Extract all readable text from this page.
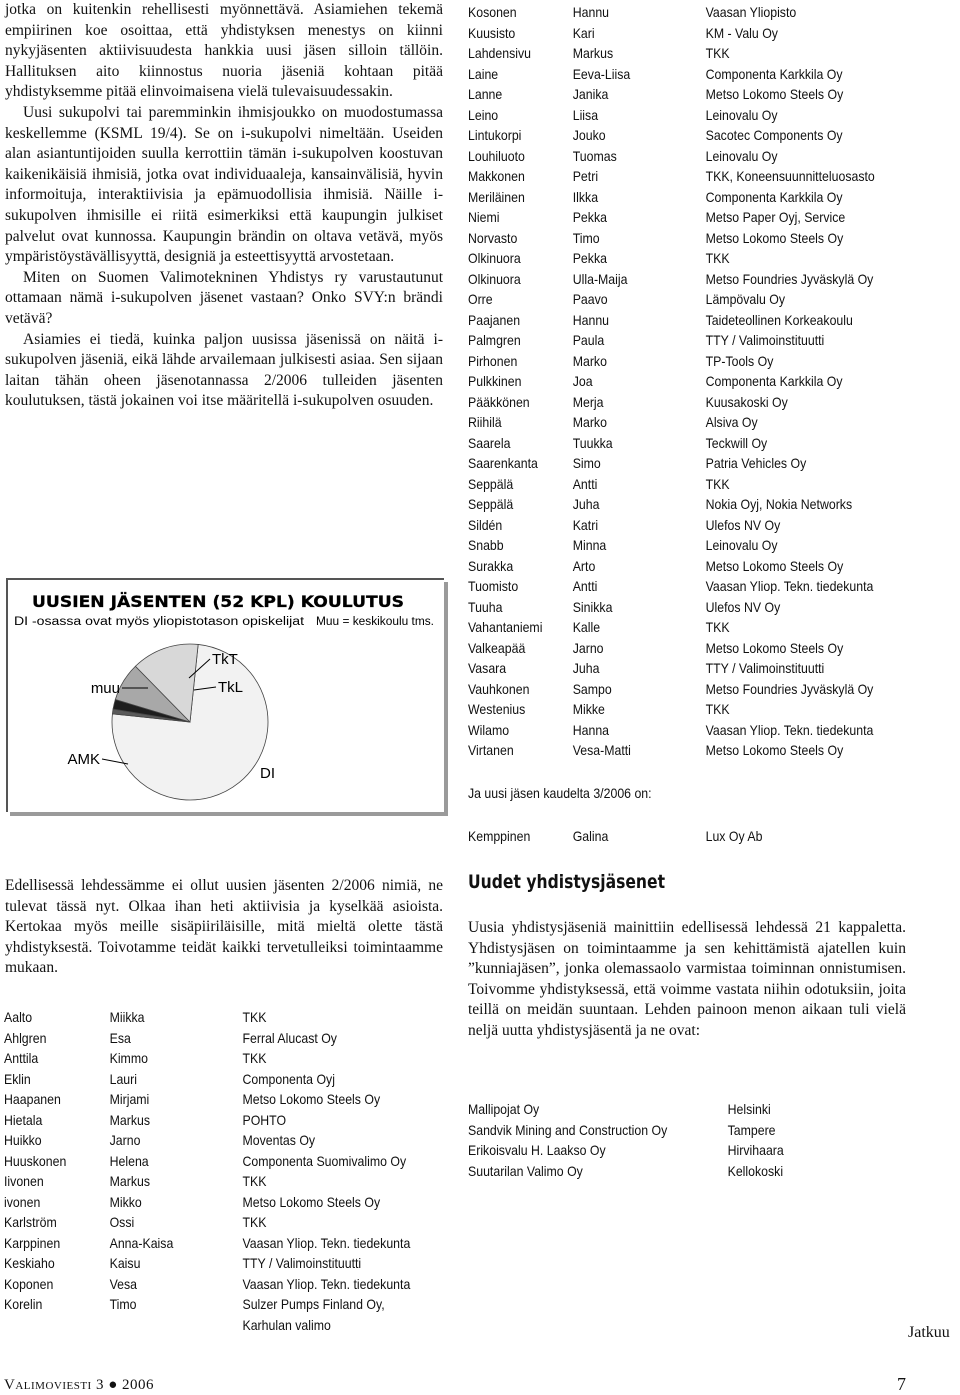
jotka on kuitenkin rehellisesti myönnettävä. Asiamiehen tekemä empiirinen koe osoittaa, että yhdistyksen menestys on kiinni nykyjäsenten aktiivisuudesta hankkia uusi jäsen silloin tällöin. Hallituksen aito kiinnostus nuoria jäseniä kohtaan pitää yhdistyksemme pitää elinvoimaisena vielä tulevaisuudessakin.

Uusi sukupolvi tai paremminkin ihmisjoukko on muodostumassa keskellemme (KSML 19/4). Se on i-sukupolvi nimeltään. Useiden alan asiantuntijoiden suulla kerrottiin tämän i-sukupolven koostuvan kaikenikäisiä ihmisiä, jotka ovat individuaaleja, kansainvälisiä, hyvin informoituja, interaktiivisia ja epämuodollisia ihmisiä. Näille i-sukupolven ihmisille ei riitä esimerkiksi että kaupungin julkiset palvelut ovat kunnossa. Kaupungin brändin on oltava vetävä, myös ympäristöystävällisyyttä, designiä ja esteettisyyttä arvostetaan.

Miten on Suomen Valimotekninen Yhdistys ry varustautunut ottamaan nämä i-sukupolven jäsenet vastaan? Onko SVY:n brändi vetävä?

Asiamies ei tiedä, kuinka paljon uusissa jäsenissä on näitä i-sukupolven jäseniä, eikä lähde arvailemaan julkisesti asiaa. Sen sijaan laitan tähän oheen jäsenotannassa 2/2006 tulleiden jäsenten koulutuksen, tästä jokainen voi itse määritellä i-sukupolven osuuden.

UUSIEN JÄSENTEN (52 KPL) KOULUTUS
DI -osassa ovat myös yliopistotason opiskelijat Muu = keskikoulu tms.
DI
TkL
TkT
muu
AMK

Edellisessä lehdessämme ei ollut uusien jäsenten 2/2006 nimiä, ne tulevat tässä nyt. Olkaa ihan heti aktiivisia ja kyselkää asioista. Kertokaa myös meille sisäpiiriläisille, mitä mieltä olette tästä yhdistyksestä. Toivotamme teidät kaikki tervetulleiksi toimintaamme mukaan.

Aalto	Miikka	TKK
Ahlgren	Esa	Ferral Alucast Oy
Anttila	Kimmo	TKK
Eklin	Lauri	Componenta Oyj
Haapanen	Mirjami	Metso Lokomo Steels Oy
Hietala	Markus	POHTO
Huikko	Jarno	Moventas Oy
Huuskonen	Helena	Componenta Suomivalimo Oy
Iivonen	Markus	TKK
ivonen	Mikko	Metso Lokomo Steels Oy
Karlström	Ossi	TKK
Karppinen	Anna-Kaisa	Vaasan Yliop. Tekn. tiedekunta
Keskiaho	Kaisu	TTY / Valimoinstituutti
Koponen	Vesa	Vaasan Yliop. Tekn. tiedekunta
Korelin	Timo	Sulzer Pumps Finland Oy,
Karhulan valimo
Kosonen	Hannu	Vaasan Yliopisto
Kuusisto	Kari	KM - Valu Oy
Lahdensivu	Markus	TKK
Laine	Eeva-Liisa	Componenta Karkkila Oy
Lanne	Janika	Metso Lokomo Steels Oy
Leino	Liisa	Leinovalu Oy
Lintukorpi	Jouko	Sacotec Components Oy
Louhiluoto	Tuomas	Leinovalu Oy
Makkonen	Petri	TKK, Koneensuunnitteluosasto
Meriläinen	Ilkka	Componenta Karkkila Oy
Niemi	Pekka	Metso Paper Oyj, Service
Norvasto	Timo	Metso Lokomo Steels Oy
Olkinuora	Pekka	TKK
Olkinuora	Ulla-Maija	Metso Foundries Jyväskylä Oy
Orre	Paavo	Lämpövalu Oy
Paajanen	Hannu	Taideteollinen Korkeakoulu
Palmgren	Paula	TTY / Valimoinstituutti
Pirhonen	Marko	TP-Tools Oy
Pulkkinen	Joa	Componenta Karkkila Oy
Pääkkönen	Merja	Kuusakoski Oy
Riihilä	Marko	Alsiva Oy
Saarela	Tuukka	Teckwill Oy
Saarenkanta	Simo	Patria Vehicles Oy
Seppälä	Antti	TKK
Seppälä	Juha	Nokia Oyj, Nokia Networks
Sildén	Katri	Ulefos NV Oy
Snabb	Minna	Leinovalu Oy
Surakka	Arto	Metso Lokomo Steels Oy
Tuomisto	Antti	Vaasan Yliop. Tekn. tiedekunta
Tuuha	Sinikka	Ulefos NV Oy
Vahantaniemi	Kalle	TKK
Valkeapää	Jarno	Metso Lokomo Steels Oy
Vasara	Juha	TTY / Valimoinstituutti
Vauhkonen	Sampo	Metso Foundries Jyväskylä Oy
Westenius	Mikke	TKK
Wilamo	Hanna	Vaasan Yliop. Tekn. tiedekunta
Virtanen	Vesa-Matti	Metso Lokomo Steels Oy
Ja uusi jäsen kaudelta 3/2006 on:
Kemppinen	Galina	Lux Oy Ab
Uudet yhdistysjäsenet

Uusia yhdistysjäseniä mainittiin edellisessä lehdessä 21 kappaletta. Yhdistysjäsen on toimintaamme ja sen kehittämistä ajatellen kuin ”kunniajäsen”, jonka olemassaolo varmistaa toiminnan onnistumisen. Toivomme yhdistyksessä, että voimme vastata niihin odotuksiin, joita teillä on meidän suuntaan. Lehden painoon menon aikaan tuli vielä neljä uutta yhdistysjäsentä ja ne ovat:

Mallipojat Oy	Helsinki
Sandvik Mining and Construction Oy	Tampere
Erikoisvalu H. Laakso Oy	Hirvihaara
Suutarilan Valimo Oy	Kellokoski
Jatkuu
Valimoviesti 3 ● 2006	7
